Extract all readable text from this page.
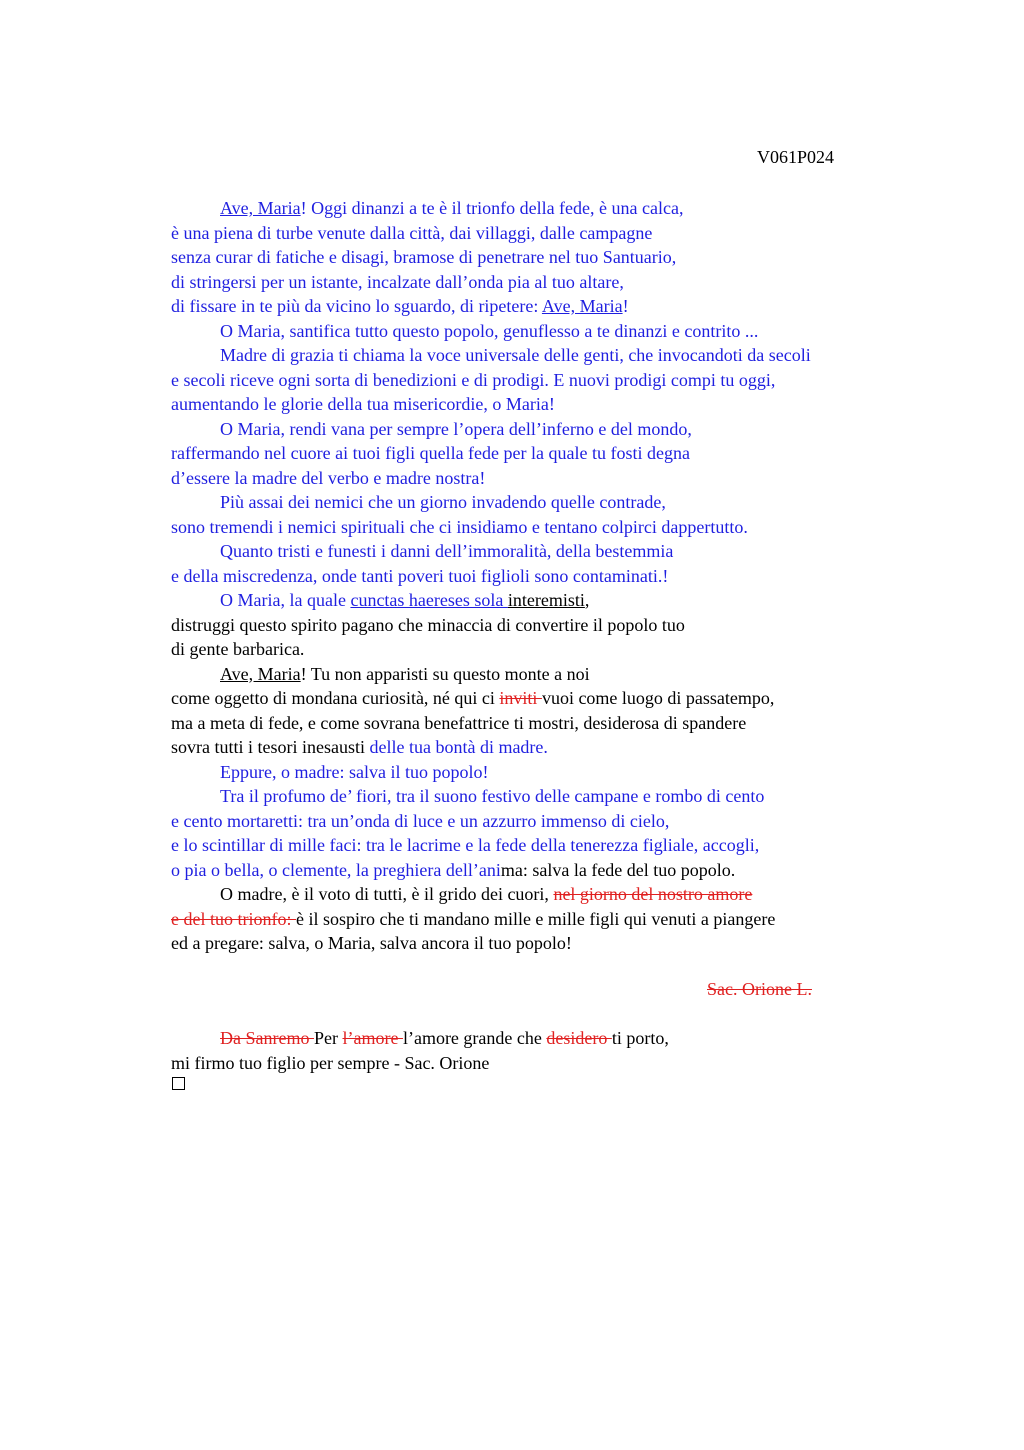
V061P024
Ave, Maria! Oggi dinanzi a te è il trionfo della fede, è una calca,
è una piena di turbe venute dalla città, dai villaggi, dalle campagne
senza curar di fatiche e disagi, bramose di penetrare nel tuo Santuario,
di stringersi per un istante, incalzate dall’onda pia al tuo altare,
di fissare in te più da vicino lo sguardo, di ripetere: Ave, Maria!
O Maria, santifica tutto questo popolo, genuflesso a te dinanzi e contrito ...
Madre di grazia ti chiama la voce universale delle genti, che invocandoti da secoli
e secoli riceve ogni sorta di benedizioni e di prodigi. E nuovi prodigi compi tu oggi,
aumentando le glorie della tua misericordie, o Maria!
O Maria, rendi vana per sempre l’opera dell’inferno e del mondo,
raffermando nel cuore ai tuoi figli quella fede per la quale tu fosti degna
d’essere la madre del verbo e madre nostra!
Più assai dei nemici che un giorno invadendo quelle contrade,
sono tremendi i nemici spirituali che ci insidiamo e tentano colpirci dappertutto.
Quanto tristi e funesti i danni dell’immoralità, della bestemmia
e della miscredenza, onde tanti poveri tuoi figlioli sono contaminati.!
O Maria, la quale cunctas haereses sola interemisti,
distruggi questo spirito pagano che minaccia di convertire il popolo tuo
di gente barbarica.
Ave, Maria! Tu non apparisti su questo monte a noi
come oggetto di mondana curiosità, né qui ci inviti vuoi come luogo di passatempo,
ma a meta di fede, e come sovrana benefattrice ti mostri, desiderosa di spandere
sovra tutti i tesori inesausti delle tua bontà di madre.
Eppure, o madre: salva il tuo popolo!
Tra il profumo de’ fiori, tra il suono festivo delle campane e rombo di cento
e cento mortaretti: tra un’onda di luce e un azzurro immenso di cielo,
e lo scintillar di mille faci: tra le lacrime e la fede della tenerezza figliale, accogli,
o pia o bella, o clemente, la preghiera dell’anima: salva la fede del tuo popolo.
O madre, è il voto di tutti, è il grido dei cuori, nel giorno del nostro amore
e del tuo trionfo: è il sospiro che ti mandano mille e mille figli qui venuti a piangere
ed a pregare: salva, o Maria, salva ancora il tuo popolo!
Sac. Orione L.
Da Sanremo Per l’amore l’amore grande che desidero ti porto,
mi firmo tuo figlio per sempre - Sac. Orione
